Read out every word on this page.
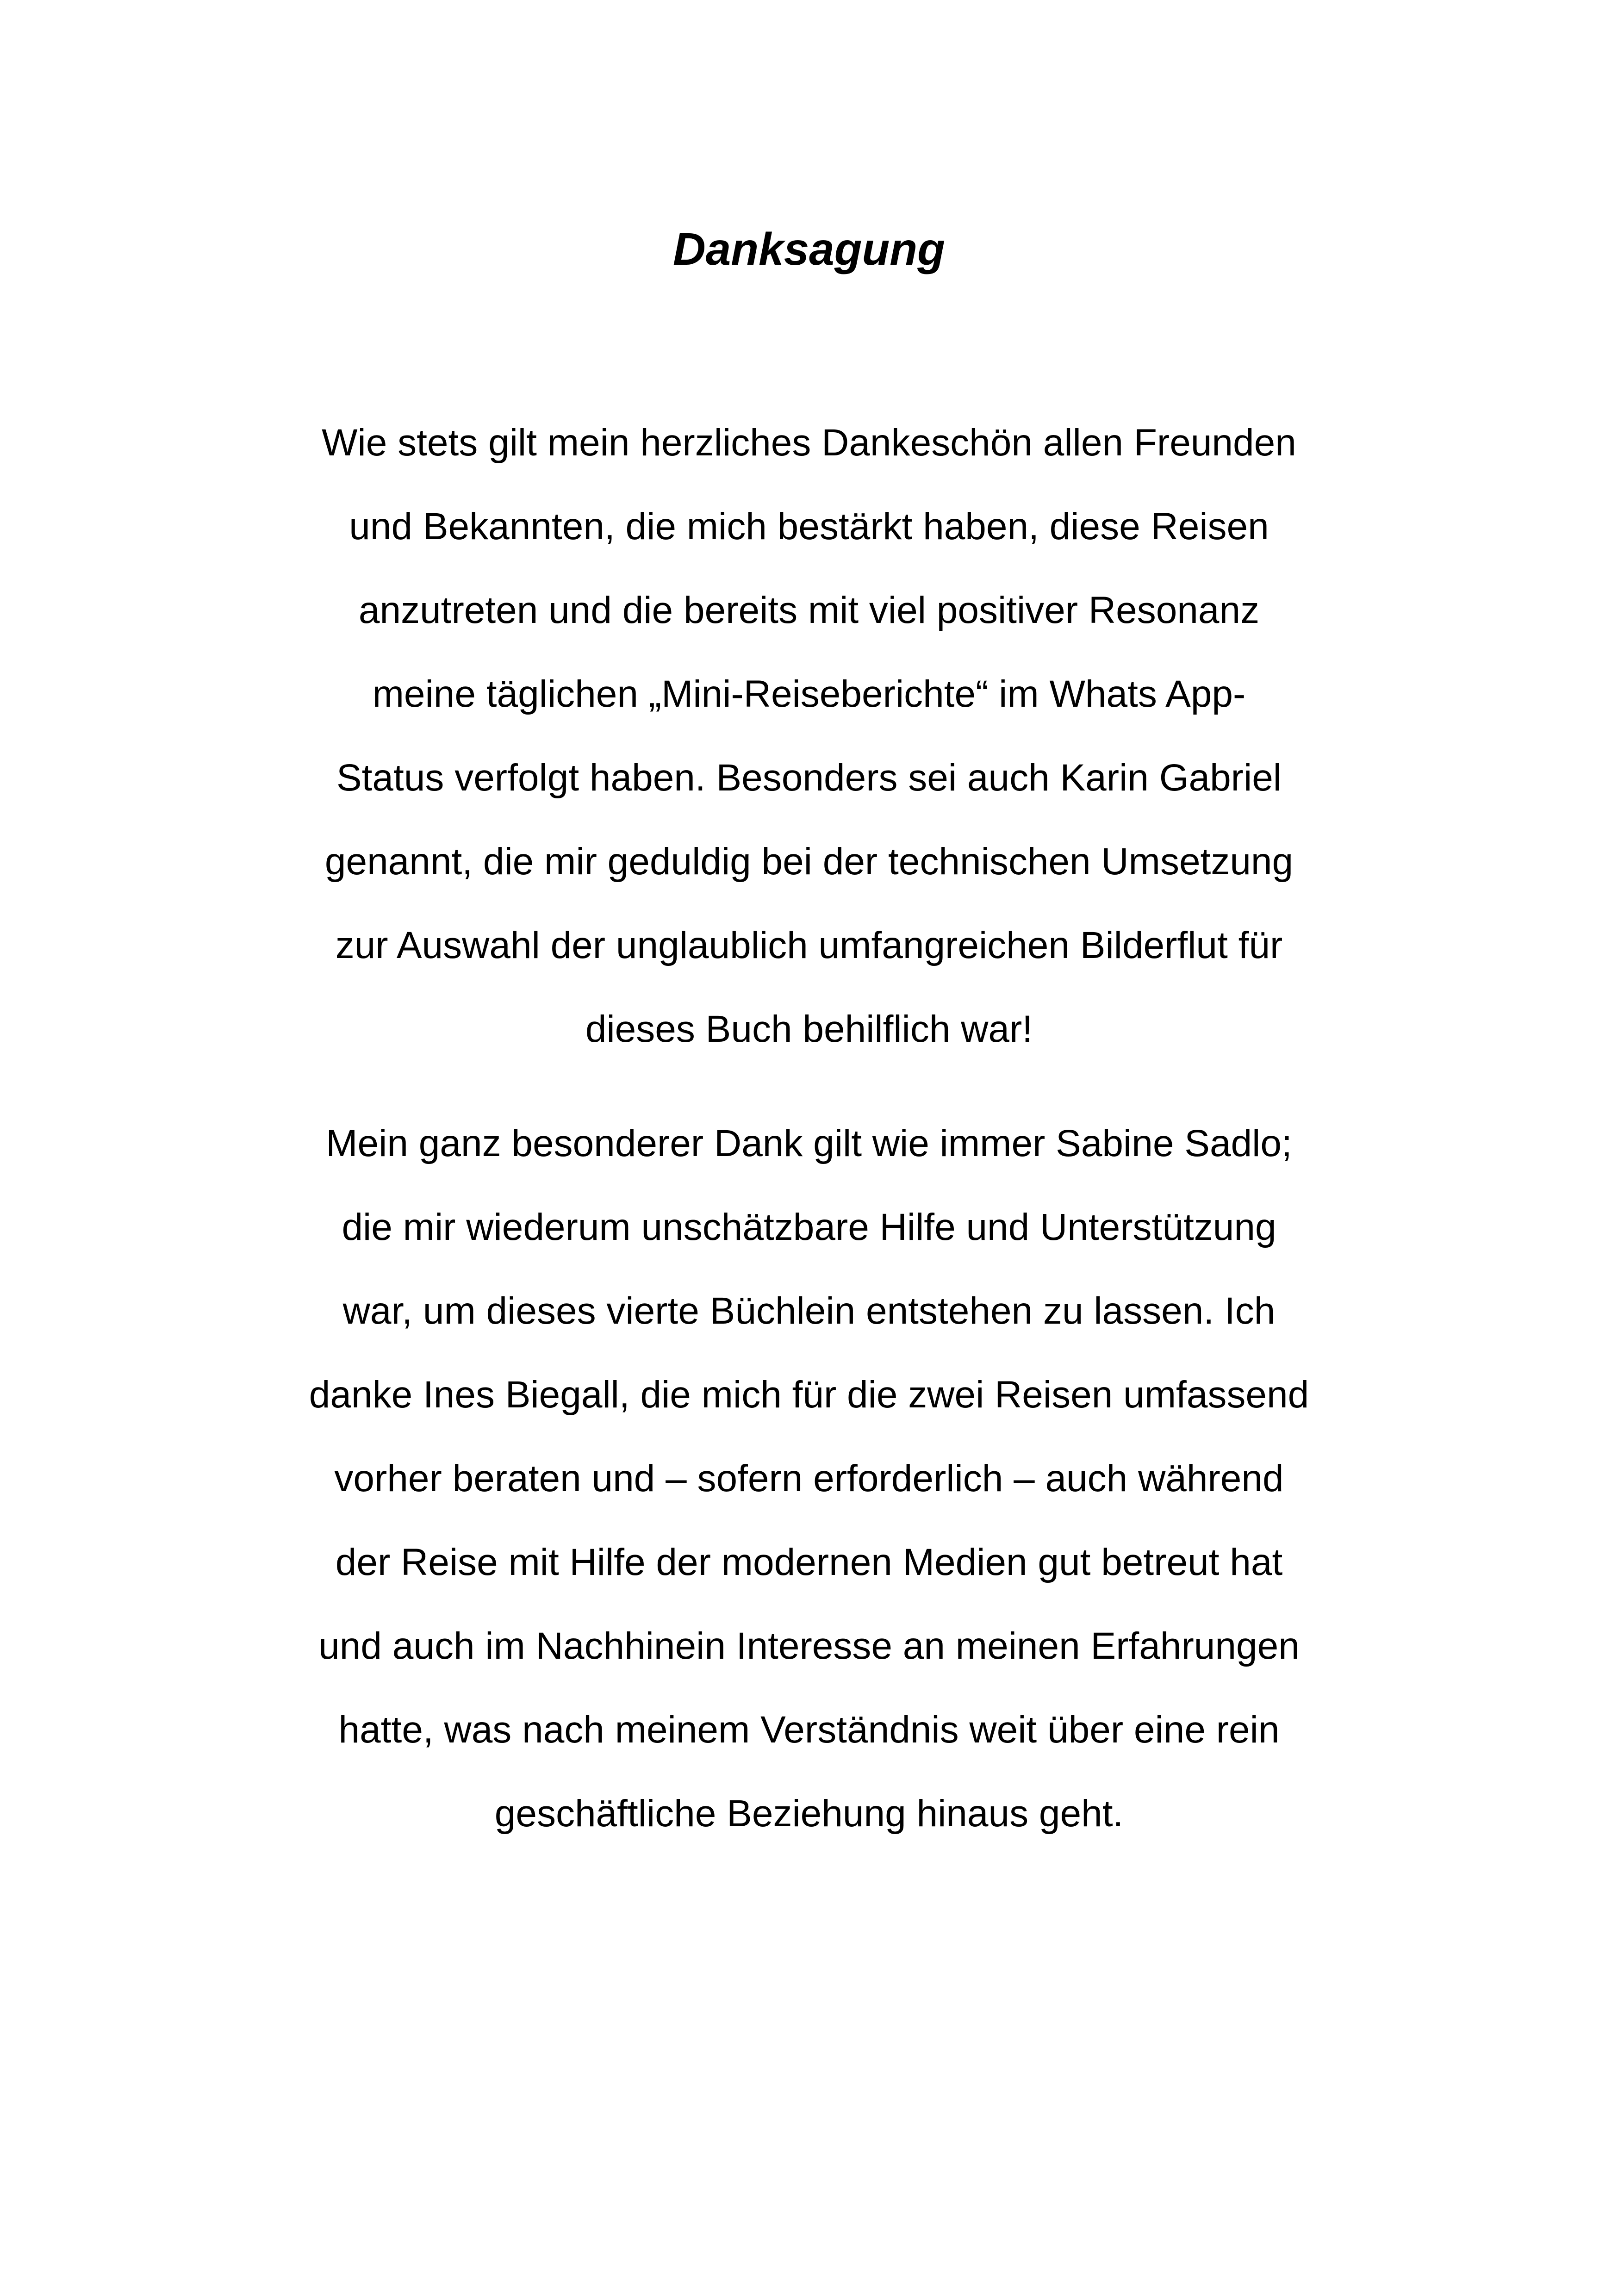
Danksagung

Wie stets gilt mein herzliches Dankeschön allen Freunden

und Bekannten, die mich bestärkt haben, diese Reisen

anzutreten und die bereits mit viel positiver Resonanz

meine täglichen „Mini-Reiseberichte“ im Whats App-

Status verfolgt haben. Besonders sei auch Karin Gabriel

genannt, die mir geduldig bei der technischen Umsetzung

zur Auswahl der unglaublich umfangreichen Bilderflut für

dieses Buch behilflich war!

Mein ganz besonderer Dank gilt wie immer Sabine Sadlo;

die mir wiederum unschätzbare Hilfe und Unterstützung

war, um dieses vierte Büchlein entstehen zu lassen. Ich

danke Ines Biegall, die mich für die zwei Reisen umfassend

vorher beraten und – sofern erforderlich – auch während

der Reise mit Hilfe der modernen Medien gut betreut hat

und auch im Nachhinein Interesse an meinen Erfahrungen

hatte, was nach meinem Verständnis weit über eine rein

geschäftliche Beziehung hinaus geht.
